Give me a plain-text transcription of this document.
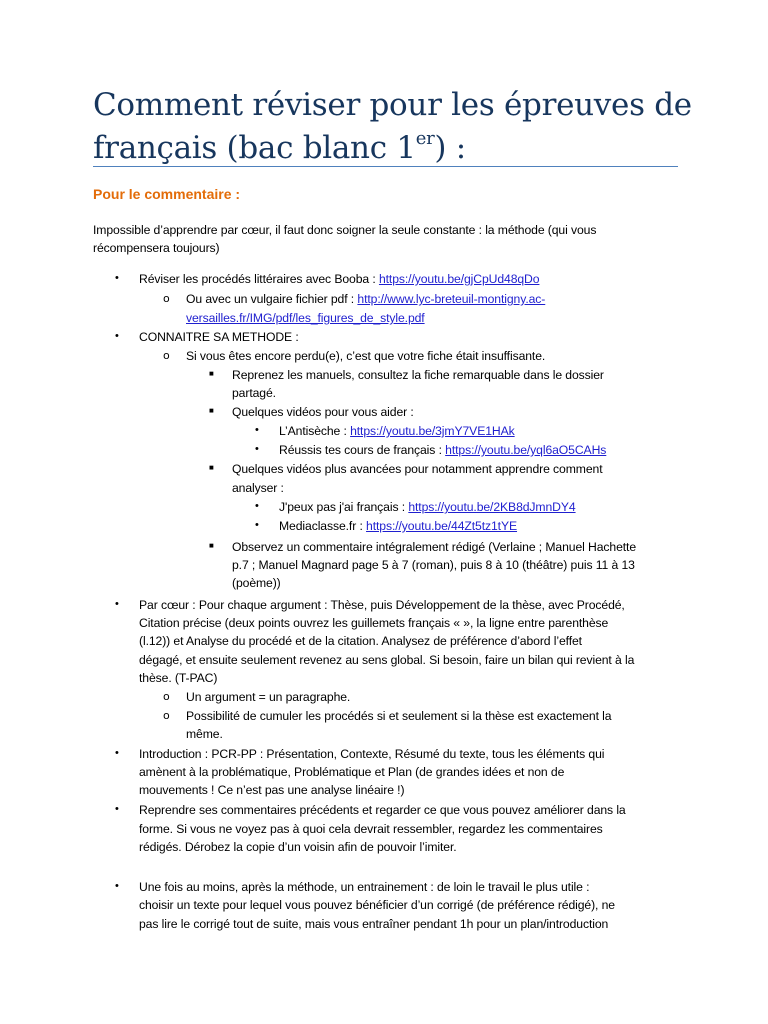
Comment réviser pour les épreuves de
français (bac blanc 1er) :
Pour le commentaire :
Impossible d’apprendre par cœur, il faut donc soigner la seule constante : la méthode (qui vous
récompensera toujours)
• Réviser les procédés littéraires avec Booba : https://youtu.be/gjCpUd48qDo
o Ou avec un vulgaire fichier pdf : http://www.lyc-breteuil-montigny.ac-
versailles.fr/IMG/pdf/les_figures_de_style.pdf
• CONNAITRE SA METHODE :
o Si vous êtes encore perdu(e), c’est que votre fiche était insuffisante.
■ Reprenez les manuels, consultez la fiche remarquable dans le dossier
partagé.
■ Quelques vidéos pour vous aider :
• L’Antisèche : https://youtu.be/3jmY7VE1HAk
• Réussis tes cours de français : https://youtu.be/yql6aO5CAHs
■ Quelques vidéos plus avancées pour notamment apprendre comment
analyser :
• J'peux pas j'ai français : https://youtu.be/2KB8dJmnDY4
• Mediaclasse.fr : https://youtu.be/44Zt5tz1tYE
■ Observez un commentaire intégralement rédigé (Verlaine ; Manuel Hachette
p.7 ; Manuel Magnard page 5 à 7 (roman), puis 8 à 10 (théâtre) puis 11 à 13
(poème))
• Par cœur : Pour chaque argument : Thèse, puis Développement de la thèse, avec Procédé,
Citation précise (deux points ouvrez les guillemets français « », la ligne entre parenthèse
(l.12)) et Analyse du procédé et de la citation. Analysez de préférence d’abord l’effet
dégagé, et ensuite seulement revenez au sens global. Si besoin, faire un bilan qui revient à la
thèse. (T-PAC)
o Un argument = un paragraphe.
o Possibilité de cumuler les procédés si et seulement si la thèse est exactement la
même.
• Introduction : PCR-PP : Présentation, Contexte, Résumé du texte, tous les éléments qui
amènent à la problématique, Problématique et Plan (de grandes idées et non de
mouvements ! Ce n’est pas une analyse linéaire !)
• Reprendre ses commentaires précédents et regarder ce que vous pouvez améliorer dans la
forme. Si vous ne voyez pas à quoi cela devrait ressembler, regardez les commentaires
rédigés. Dérobez la copie d’un voisin afin de pouvoir l’imiter.
• Une fois au moins, après la méthode, un entrainement : de loin le travail le plus utile :
choisir un texte pour lequel vous pouvez bénéficier d’un corrigé (de préférence rédigé), ne
pas lire le corrigé tout de suite, mais vous entraîner pendant 1h pour un plan/introduction
